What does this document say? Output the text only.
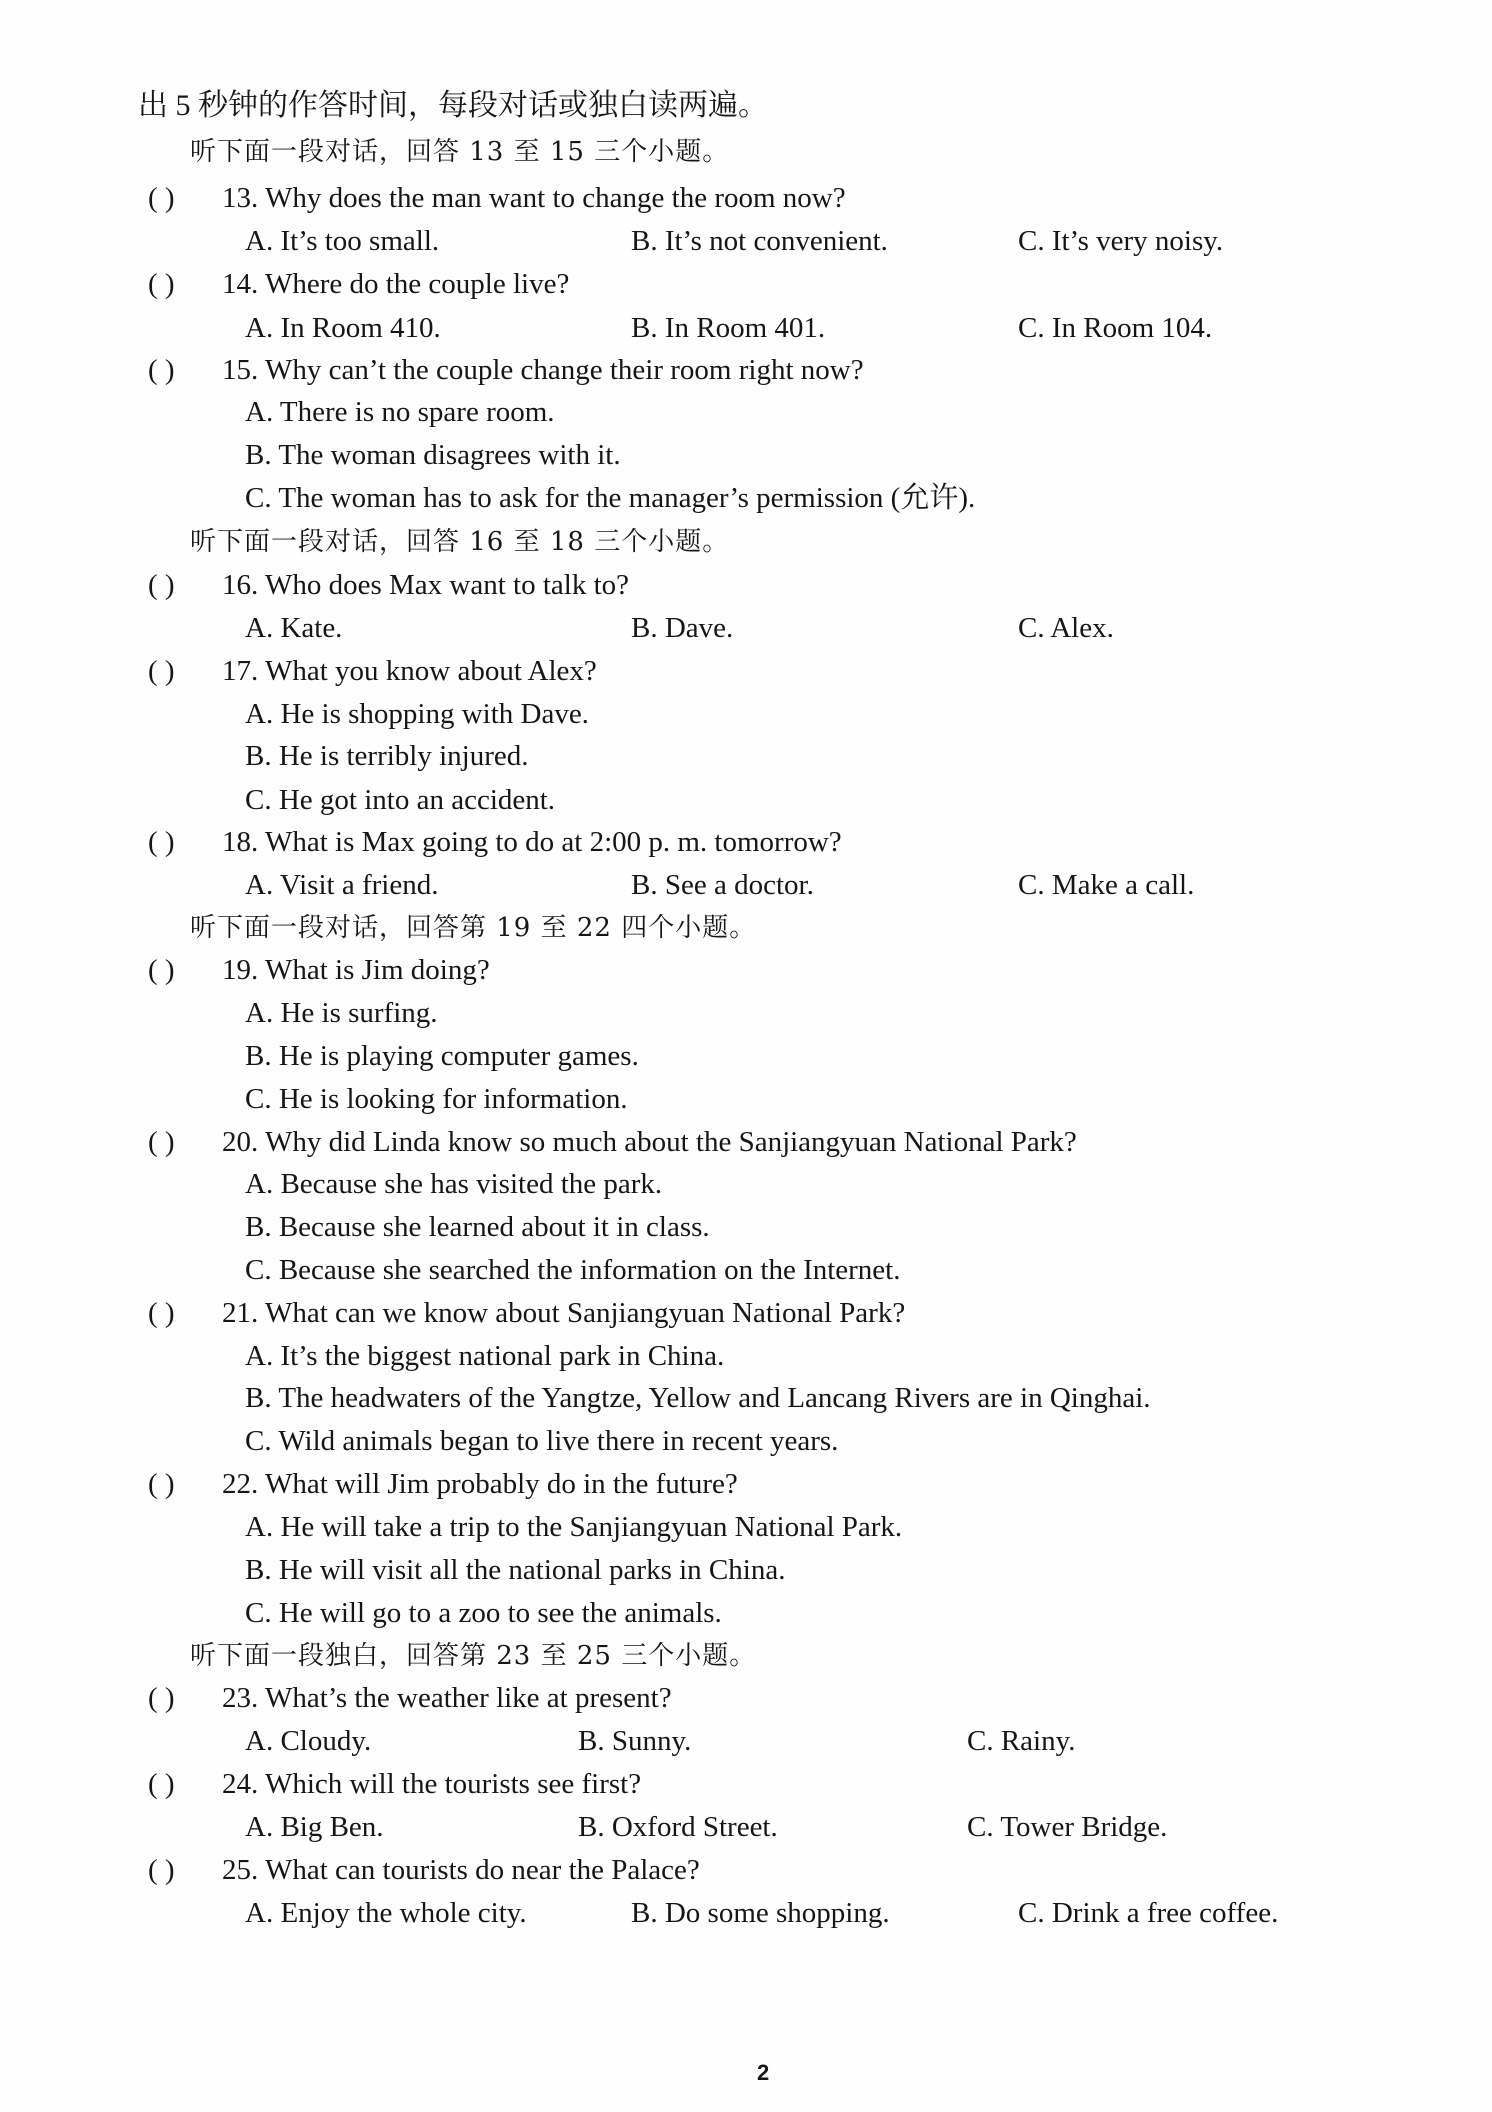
出 5 秒钟的作答时间，每段对话或独白读两遍。
听下面一段对话，回答 13 至 15 三个小题。
( )	13. Why does the man want to change the room now?
A. It’s too small.	B. It’s not convenient.	C. It’s very noisy.
( )	14. Where do the couple live?
A. In Room 410.	B. In Room 401.	C. In Room 104.
( )	15. Why can’t the couple change their room right now?
A. There is no spare room.
B. The woman disagrees with it.
C. The woman has to ask for the manager’s permission (允许).
听下面一段对话，回答 16 至 18 三个小题。
( )	16. Who does Max want to talk to?
A. Kate.	B. Dave.	C. Alex.
( )	17. What you know about Alex?
A. He is shopping with Dave.
B. He is terribly injured.
C. He got into an accident.
( )	18. What is Max going to do at 2:00 p. m. tomorrow?
A. Visit a friend.	B. See a doctor.	C. Make a call.
听下面一段对话，回答第 19 至 22 四个小题。
( )	19. What is Jim doing?
A. He is surfing.
B. He is playing computer games.
C. He is looking for information.
( )	20. Why did Linda know so much about the Sanjiangyuan National Park?
A. Because she has visited the park.
B. Because she learned about it in class.
C. Because she searched the information on the Internet.
( )	21. What can we know about Sanjiangyuan National Park?
A. It’s the biggest national park in China.
B. The headwaters of the Yangtze, Yellow and Lancang Rivers are in Qinghai.
C. Wild animals began to live there in recent years.
( )	22. What will Jim probably do in the future?
A. He will take a trip to the Sanjiangyuan National Park.
B. He will visit all the national parks in China.
C. He will go to a zoo to see the animals.
听下面一段独白，回答第 23 至 25 三个小题。
( )	23. What’s the weather like at present?
A. Cloudy.	B. Sunny.	C. Rainy.
( )	24. Which will the tourists see first?
A. Big Ben.	B. Oxford Street.	C. Tower Bridge.
( )	25. What can tourists do near the Palace?
A. Enjoy the whole city.	B. Do some shopping.	C. Drink a free coffee.
2
